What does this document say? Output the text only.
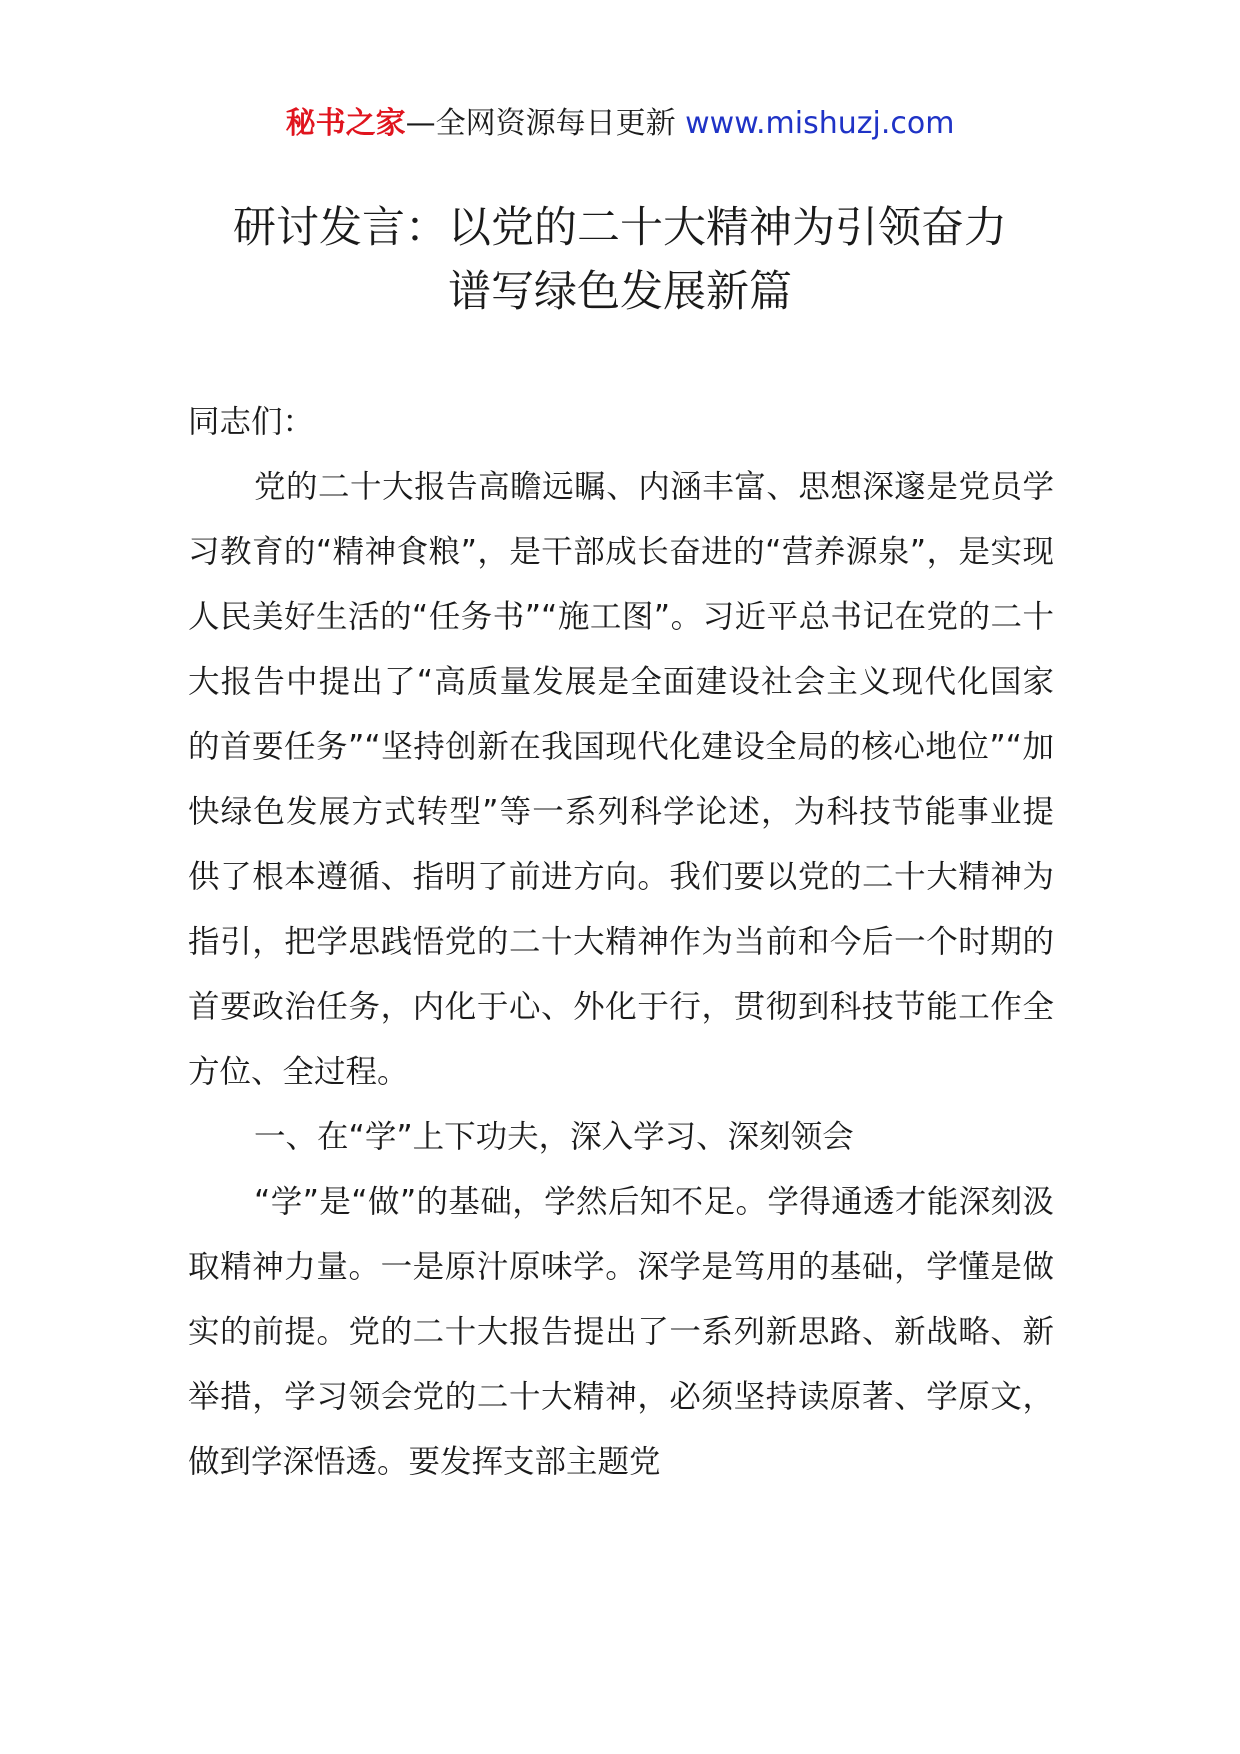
秘书之家—全网资源每日更新 www.mishuzj.com
研讨发言：以党的二十大精神为引领奋力
谱写绿色发展新篇

同志们：

党的二十大报告高瞻远瞩、内涵丰富、思想深邃是党员学习教育的“精神食粮”，是干部成长奋进的“营养源泉”，是实现人民美好生活的“任务书”“施工图”。习近平总书记在党的二十大报告中提出了“高质量发展是全面建设社会主义现代化国家的首要任务”“坚持创新在我国现代化建设全局的核心地位”“加快绿色发展方式转型”等一系列科学论述，为科技节能事业提供了根本遵循、指明了前进方向。我们要以党的二十大精神为指引，把学思践悟党的二十大精神作为当前和今后一个时期的首要政治任务，内化于心、外化于行，贯彻到科技节能工作全方位、全过程。

一、在“学”上下功夫，深入学习、深刻领会

“学”是“做”的基础，学然后知不足。学得通透才能深刻汲取精神力量。一是原汁原味学。深学是笃用的基础，学懂是做实的前提。党的二十大报告提出了一系列新思路、新战略、新举措，学习领会党的二十大精神，必须坚持读原著、学原文，做到学深悟透。要发挥支部主题党
